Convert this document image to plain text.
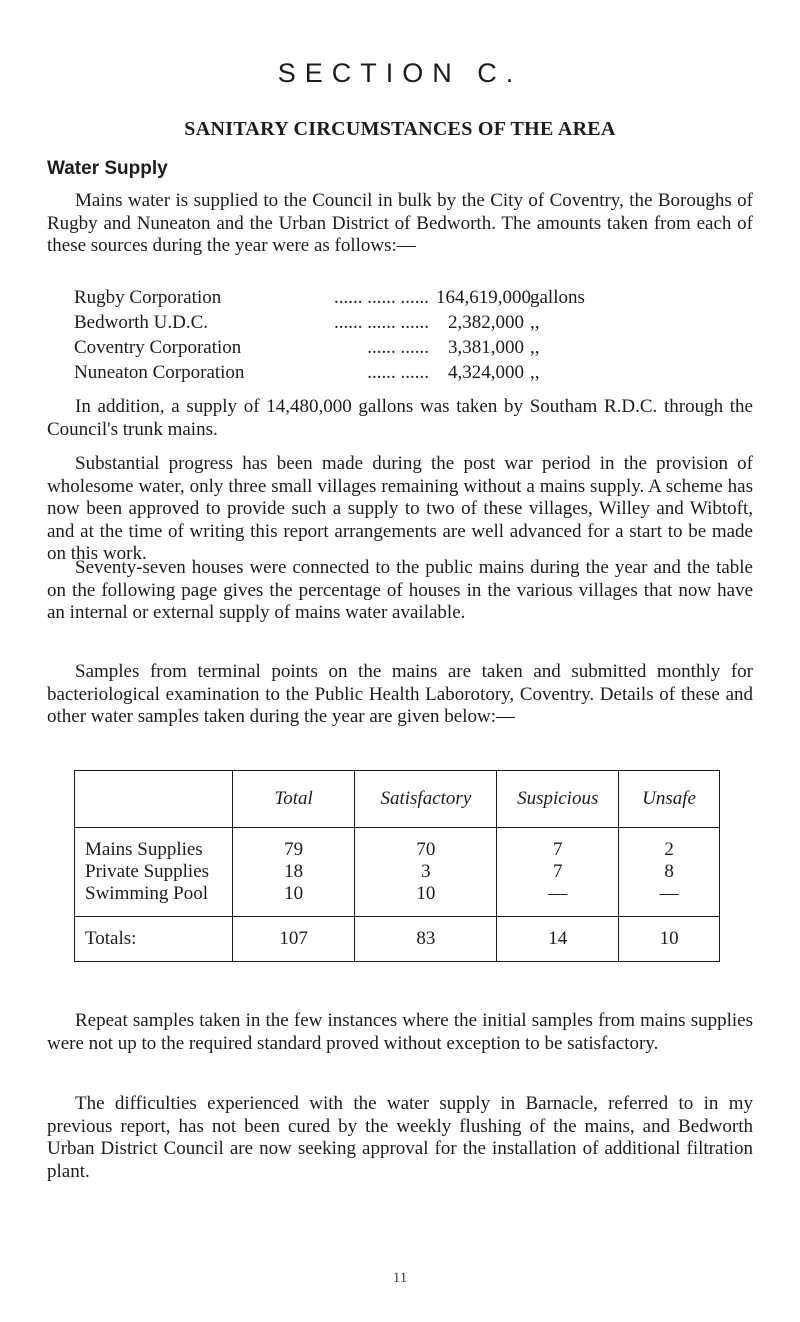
SECTION C.
SANITARY CIRCUMSTANCES OF THE AREA
Water Supply

Mains water is supplied to the Council in bulk by the City of Coventry, the Boroughs of Rugby and Nuneaton and the Urban District of Bedworth. The amounts taken from each of these sources during the year were as follows:—

Rugby Corporation	...... ...... ...... 164,619,000 gallons
Bedworth U.D.C.	...... ...... ......	2,382,000 ,,
Coventry Corporation	...... ......	3,381,000 ,,
Nuneaton Corporation	...... ......	4,324,000 ,,

In addition, a supply of 14,480,000 gallons was taken by Southam R.D.C. through the Council's trunk mains.

Substantial progress has been made during the post war period in the provision of wholesome water, only three small villages remaining without a mains supply. A scheme has now been approved to provide such a supply to two of these villages, Willey and Wibtoft, and at the time of writing this report arrangements are well advanced for a start to be made on this work.

Seventy-seven houses were connected to the public mains during the year and the table on the following page gives the percentage of houses in the various villages that now have an internal or external supply of mains water available.

Samples from terminal points on the mains are taken and submitted monthly for bacteriological examination to the Public Health Laborotory, Coventry. Details of these and other water samples taken during the year are given below:—

	Total	Satisfactory	Suspicious	Unsafe
Mains Supplies	79	70	7	2
Private Supplies	18	3	7	8
Swimming Pool	10	10	—	—
Totals:	107	83	14	10

Repeat samples taken in the few instances where the initial samples from mains supplies were not up to the required standard proved without exception to be satisfactory.

The difficulties experienced with the water supply in Barnacle, referred to in my previous report, has not been cured by the weekly flushing of the mains, and Bedworth Urban District Council are now seeking approval for the installation of additional filtration plant.

11
